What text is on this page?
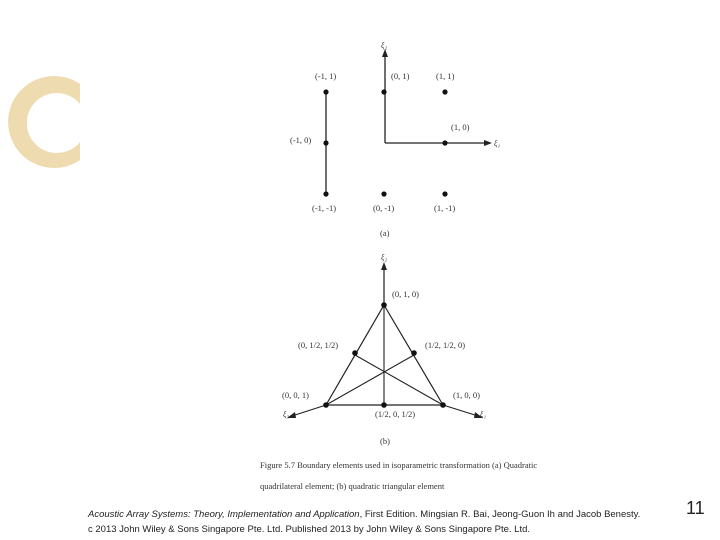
ξ₂
ξ₁
(-1, 1)	(0, 1)	(1, 1)
(-1, 0)
(1, 0)
(-1, -1)	(0, -1)	(1, -1)
(a)
ξ₂
ξ₃	ξ₁
(0, 1, 0)
(0, 1/2, 1/2)	(1/2, 1/2, 0)
(0, 0, 1)
(1/2, 0, 1/2)
(1, 0, 0)
(b)
Figure 5.7 Boundary elements used in isoparametric transformation (a) Quadratic
quadrilateral element; (b) quadratic triangular element
Acoustic Array Systems: Theory, Implementation and Application, First Edition. Mingsian R. Bai, Jeong-Guon Ih and Jacob Benesty.
c 2013 John Wiley & Sons Singapore Pte. Ltd. Published 2013 by John Wiley & Sons Singapore Pte. Ltd.
11
